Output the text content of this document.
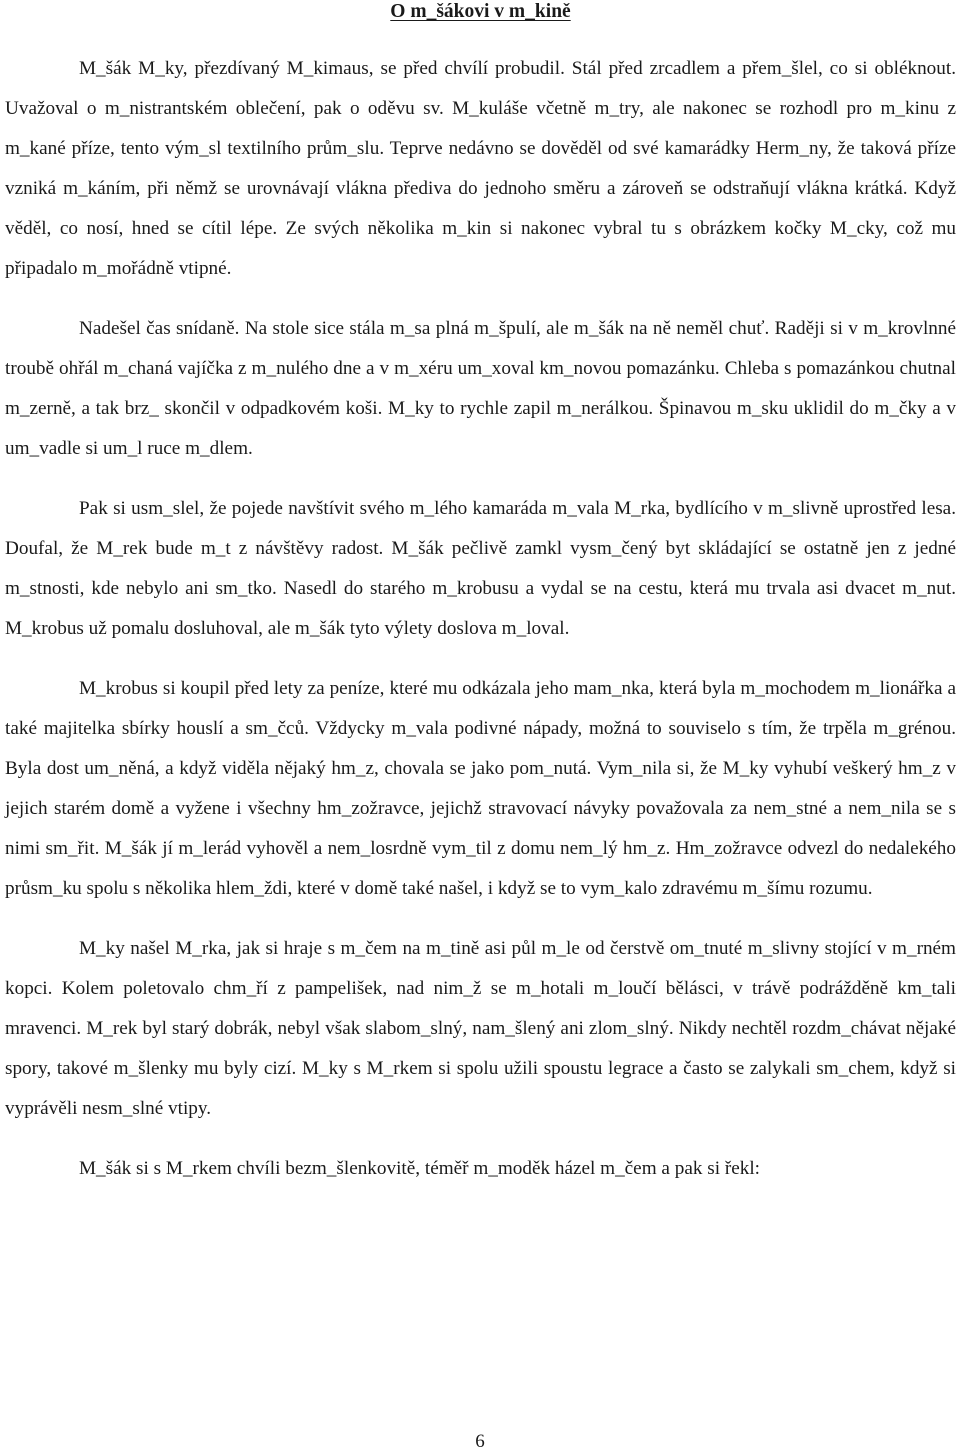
O m_šákovi v m_kině

M_šák M_ky, přezdívaný M_kimaus, se před chvílí probudil. Stál před zrcadlem a přem_šlel, co si obléknout. Uvažoval o m_nistrantském oblečení, pak o oděvu sv. M_kuláše včetně m_try, ale nakonec se rozhodl pro m_kinu z m_kané příze, tento vým_sl textilního prům_slu. Teprve nedávno se dověděl od své kamarádky Herm_ny, že taková příze vzniká m_káním, při němž se urovnávají vlákna přediva do jednoho směru a zároveň se odstraňují vlákna krátká. Když věděl, co nosí, hned se cítil lépe. Ze svých několika m_kin si nakonec vybral tu s obrázkem kočky M_cky, což mu připadalo m_mořádně vtipné.

Nadešel čas snídaně. Na stole sice stála m_sa plná m_špulí, ale m_šák na ně neměl chuť. Raději si v m_krovlnné troubě ohřál m_chaná vajíčka z m_nulého dne a v m_xéru um_xoval km_novou pomazánku. Chleba s pomazánkou chutnal m_zerně, a tak brz_ skončil v odpadkovém koši. M_ky to rychle zapil m_nerálkou. Špinavou m_sku uklidil do m_čky a v um_vadle si um_l ruce m_dlem.

Pak si usm_slel, že pojede navštívit svého m_lého kamaráda m_vala M_rka, bydlícího v m_slivně uprostřed lesa. Doufal, že M_rek bude m_t z návštěvy radost. M_šák pečlivě zamkl vysm_čený byt skládající se ostatně jen z jedné m_stnosti, kde nebylo ani sm_tko. Nasedl do starého m_krobusu a vydal se na cestu, která mu trvala asi dvacet m_nut. M_krobus už pomalu dosluhoval, ale m_šák tyto výlety doslova m_loval.

M_krobus si koupil před lety za peníze, které mu odkázala jeho mam_nka, která byla m_mochodem m_lionářka a také majitelka sbírky houslí a sm_čců. Vždycky m_vala podivné nápady, možná to souviselo s tím, že trpěla m_grénou. Byla dost um_něná, a když viděla nějaký hm_z, chovala se jako pom_nutá. Vym_nila si, že M_ky vyhubí veškerý hm_z v jejich starém domě a vyžene i všechny hm_zožravce, jejichž stravovací návyky považovala za nem_stné a nem_nila se s nimi sm_řit. M_šák jí m_lerád vyhověl a nem_losrdně vym_til z domu nem_lý hm_z. Hm_zožravce odvezl do nedalekého průsm_ku spolu s několika hlem_ždi, které v domě také našel, i když se to vym_kalo zdravému m_šímu rozumu.

M_ky našel M_rka, jak si hraje s m_čem na m_tině asi půl m_le od čerstvě om_tnuté m_slivny stojící v m_rném kopci. Kolem poletovalo chm_ří z pampelišek, nad nim_ž se m_hotali m_loučí bělásci, v trávě podrážděně km_tali mravenci. M_rek byl starý dobrák, nebyl však slabom_slný, nam_šlený ani zlom_slný. Nikdy nechtěl rozdm_chávat nějaké spory, takové m_šlenky mu byly cizí. M_ky s M_rkem si spolu užili spoustu legrace a často se zalykali sm_chem, když si vyprávěli nesm_slné vtipy.

M_šák si s M_rkem chvíli bezm_šlenkovitě, téměř m_moděk házel m_čem a pak si řekl:

6
